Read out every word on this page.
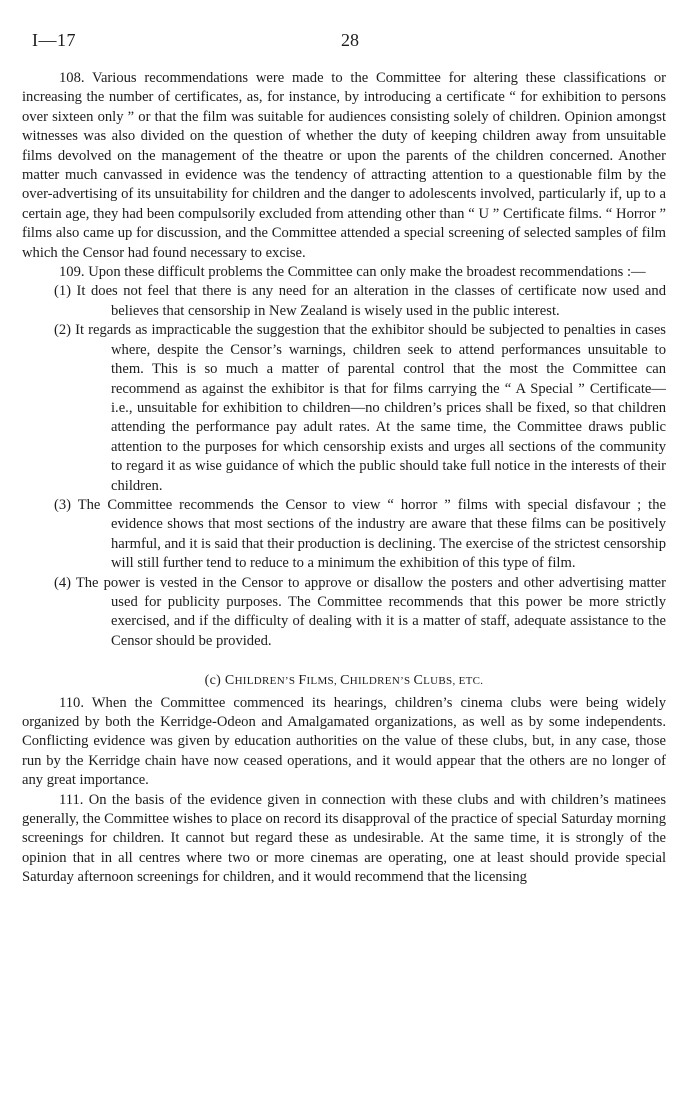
I—17	28

108. Various recommendations were made to the Committee for altering these classifications or increasing the number of certificates, as, for instance, by introducing a certificate “ for exhibition to persons over sixteen only ” or that the film was suitable for audiences consisting solely of children. Opinion amongst witnesses was also divided on the question of whether the duty of keeping children away from unsuitable films devolved on the management of the theatre or upon the parents of the children concerned. Another matter much canvassed in evidence was the tendency of attracting attention to a questionable film by the over-advertising of its unsuitability for children and the danger to adolescents involved, particularly if, up to a certain age, they had been compulsorily excluded from attending other than “ U ” Certificate films. “ Horror ” films also came up for discussion, and the Committee attended a special screening of selected samples of film which the Censor had found necessary to excise.

109. Upon these difficult problems the Committee can only make the broadest recommendations :—

(1) It does not feel that there is any need for an alteration in the classes of certificate now used and believes that censorship in New Zealand is wisely used in the public interest.

(2) It regards as impracticable the suggestion that the exhibitor should be subjected to penalties in cases where, despite the Censor’s warnings, children seek to attend performances unsuitable to them. This is so much a matter of parental control that the most the Committee can recommend as against the exhibitor is that for films carrying the “ A Special ” Certificate—i.e., unsuitable for exhibition to children—no children’s prices shall be fixed, so that children attending the performance pay adult rates. At the same time, the Committee draws public attention to the purposes for which censorship exists and urges all sections of the community to regard it as wise guidance of which the public should take full notice in the interests of their children.

(3) The Committee recommends the Censor to view “ horror ” films with special disfavour ; the evidence shows that most sections of the industry are aware that these films can be positively harmful, and it is said that their production is declining. The exercise of the strictest censorship will still further tend to reduce to a minimum the exhibition of this type of film.

(4) The power is vested in the Censor to approve or disallow the posters and other advertising matter used for publicity purposes. The Committee recommends that this power be more strictly exercised, and if the difficulty of dealing with it is a matter of staff, adequate assistance to the Censor should be provided.

(c) CHILDREN’S FILMS, CHILDREN’S CLUBS, ETC.

110. When the Committee commenced its hearings, children’s cinema clubs were being widely organized by both the Kerridge-Odeon and Amalgamated organizations, as well as by some independents. Conflicting evidence was given by education authorities on the value of these clubs, but, in any case, those run by the Kerridge chain have now ceased operations, and it would appear that the others are no longer of any great importance.

111. On the basis of the evidence given in connection with these clubs and with children’s matinees generally, the Committee wishes to place on record its disapproval of the practice of special Saturday morning screenings for children. It cannot but regard these as undesirable. At the same time, it is strongly of the opinion that in all centres where two or more cinemas are operating, one at least should provide special Saturday afternoon screenings for children, and it would recommend that the licensing
